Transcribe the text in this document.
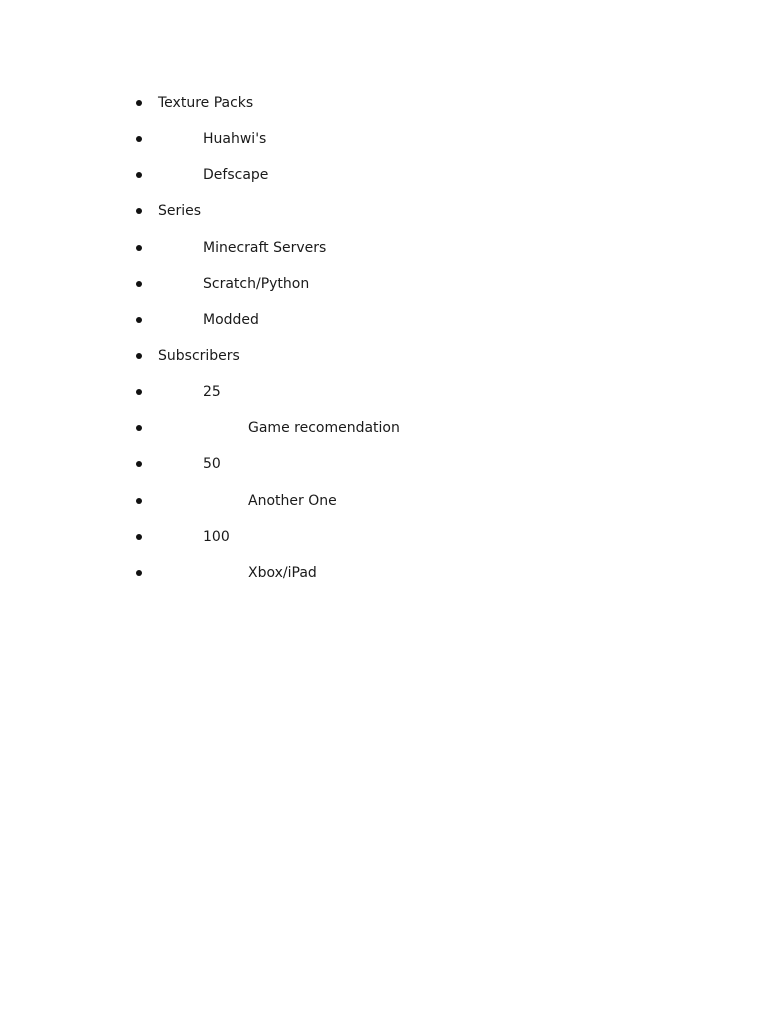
Texture Packs
Huahwi's
Defscape
Series
Minecraft Servers
Scratch/Python
Modded
Subscribers
25
Game recomendation
50
Another One
100
Xbox/iPad
